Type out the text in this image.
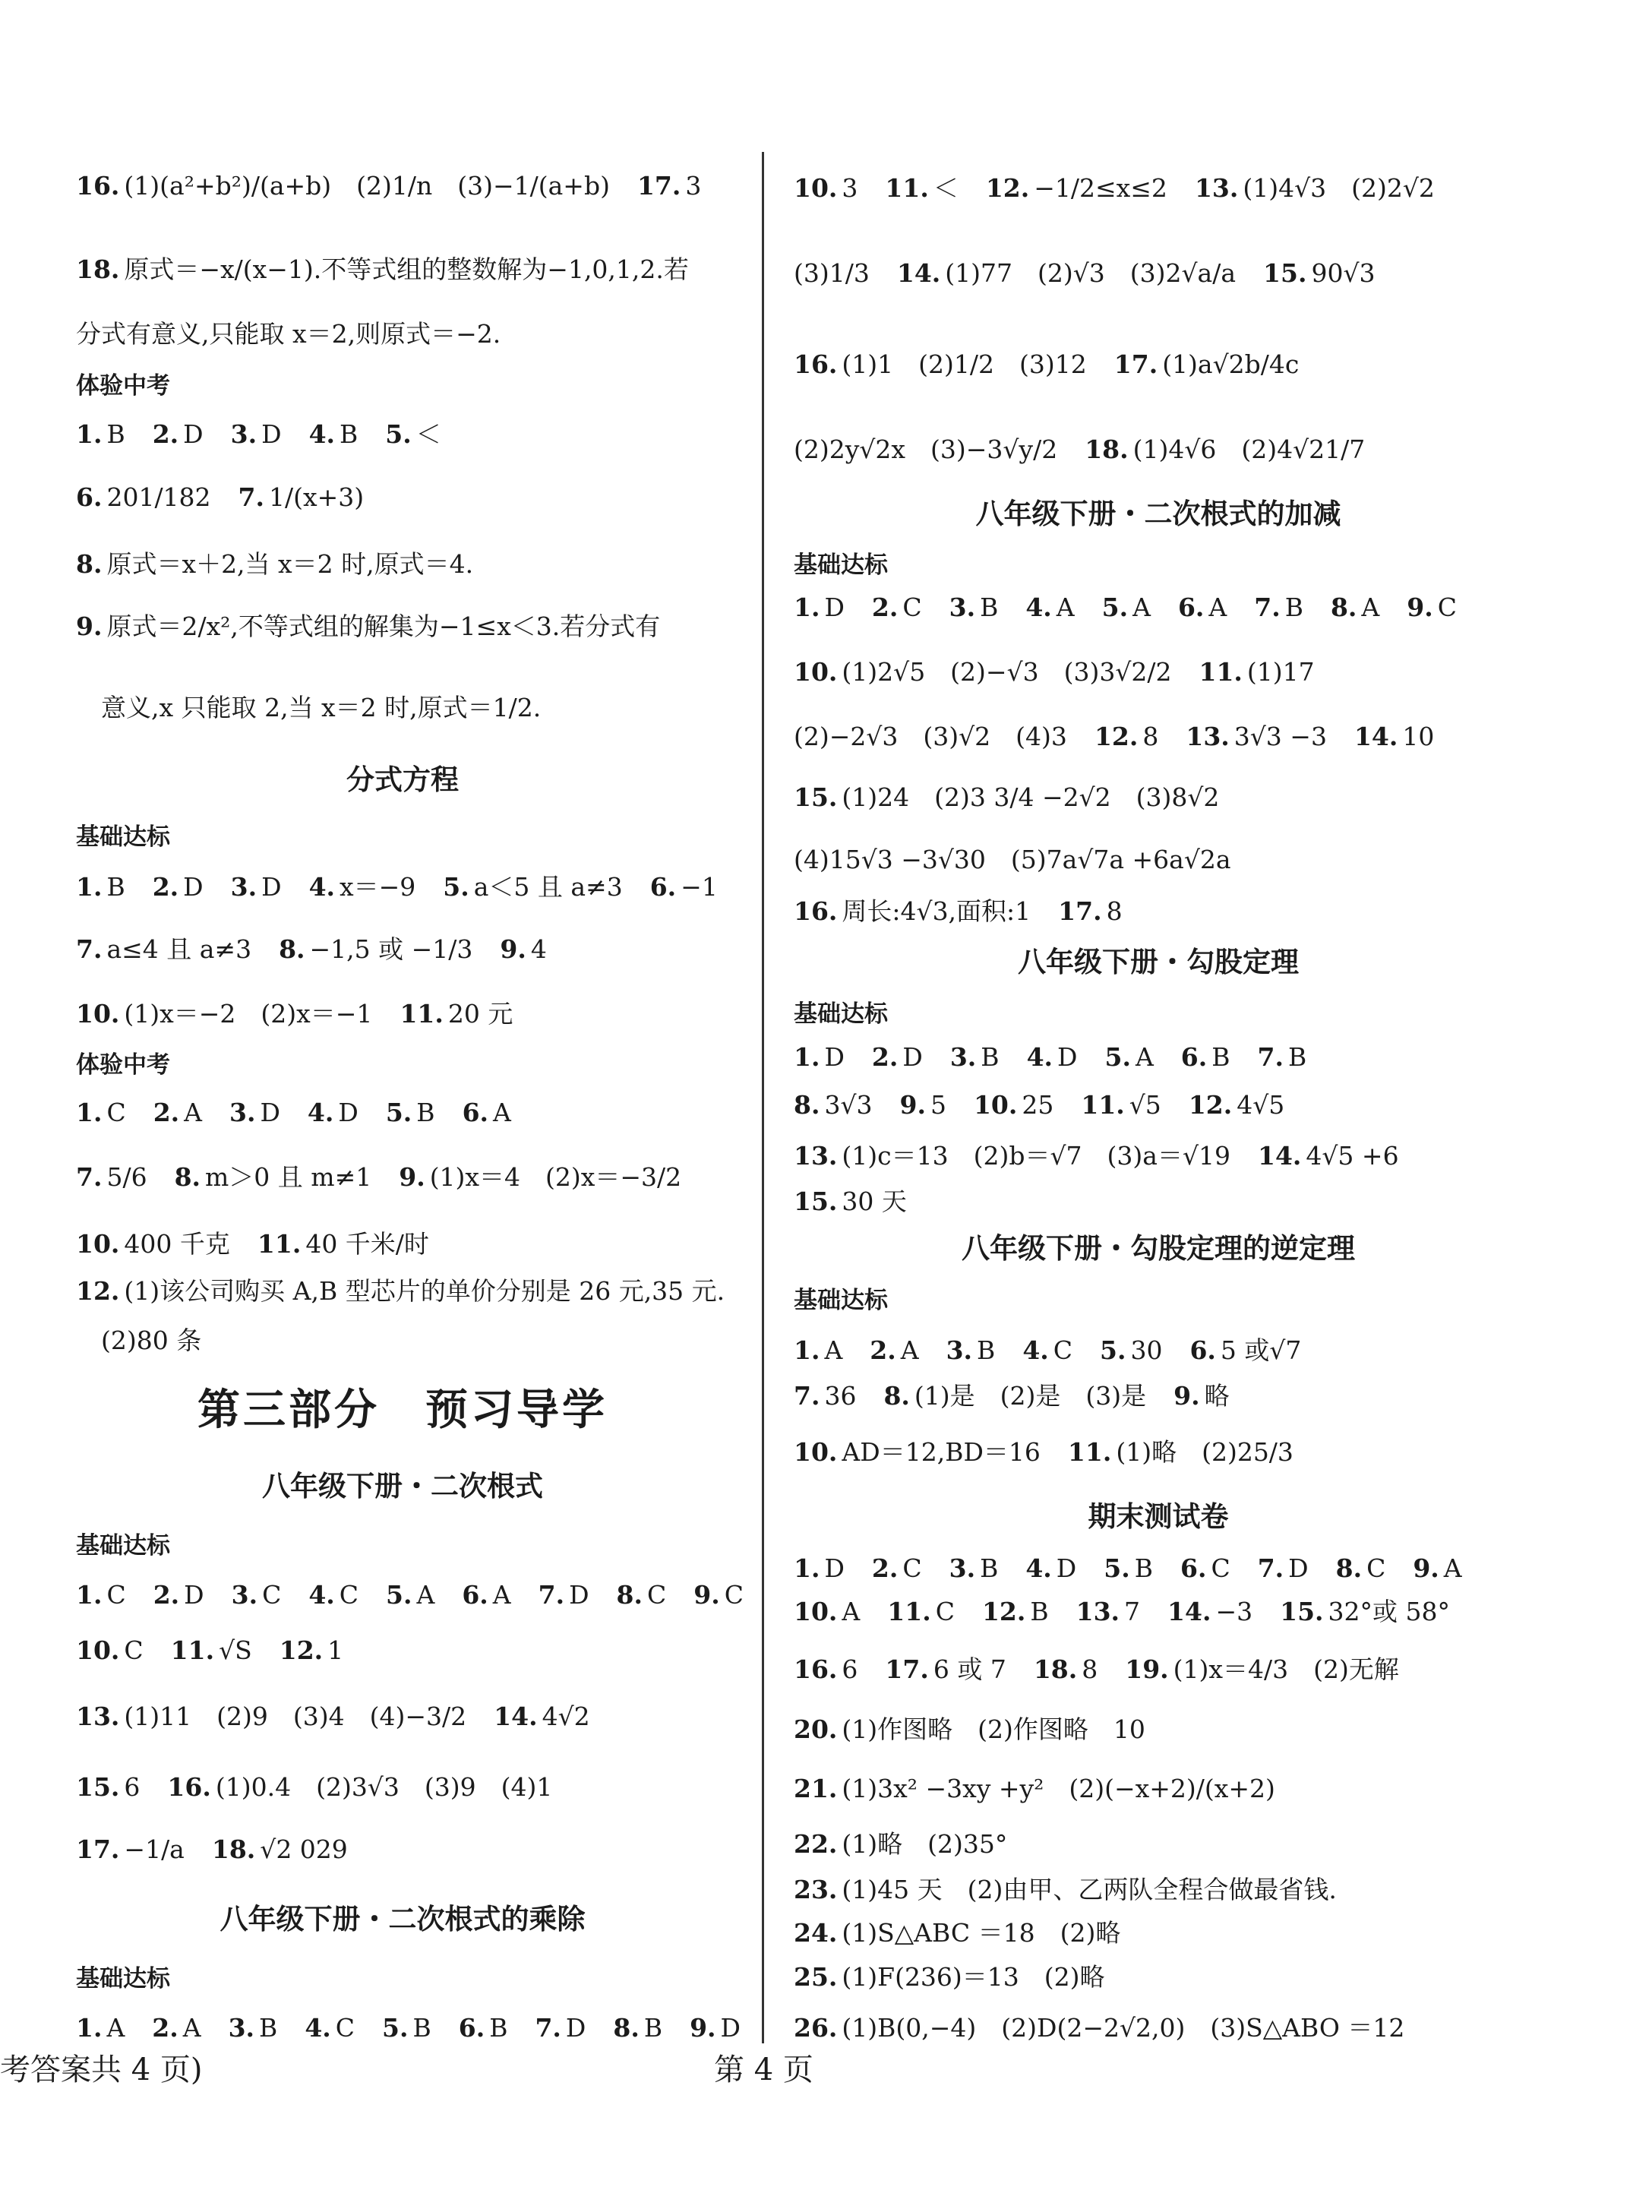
16. (1)(a²+b²)/(a+b)　(2)1/n　(3)−1/(a+b) 17. 3
18. 原式＝−x/(x−1).不等式组的整数解为−1,0,1,2.若
分式有意义,只能取 x＝2,则原式＝−2.
体验中考
1. B 2. D 3. D 4. B 5. ＜
6. 201/182 7. 1/(x+3)
8. 原式＝x＋2,当 x＝2 时,原式＝4.
9. 原式＝2/x²,不等式组的解集为−1≤x＜3.若分式有
　意义,x 只能取 2,当 x＝2 时,原式＝1/2.
分式方程
基础达标
1. B 2. D 3. D 4. x＝−9 5. a＜5 且 a≠3 6. −1
7. a≤4 且 a≠3 8. −1,5 或 −1/3 9. 4
10. (1)x＝−2　(2)x＝−1 11. 20 元
体验中考
1. C 2. A 3. D 4. D 5. B 6. A
7. 5/6 8. m＞0 且 m≠1 9. (1)x＝4　(2)x＝−3/2
10. 400 千克 11. 40 千米/时
12. (1)该公司购买 A,B 型芯片的单价分别是 26 元,35 元.
　(2)80 条
第三部分　预习导学
八年级下册・二次根式
基础达标
1. C 2. D 3. C 4. C 5. A 6. A 7. D 8. C 9. C
10. C 11. √S 12. 1
13. (1)11　(2)9　(3)4　(4)−3/2 14. 4√2
15. 6 16. (1)0.4　(2)3√3　(3)9　(4)1
17. −1/a 18. √2 029
八年级下册・二次根式的乘除
基础达标
1. A 2. A 3. B 4. C 5. B 6. B 7. D 8. B 9. D
10. 3 11. ＜ 12. −1/2≤x≤2 13. (1)4√3　(2)2√2
(3)1/3 14. (1)77　(2)√3　(3)2√a/a 15. 90√3
16. (1)1　(2)1/2　(3)12 17. (1)a√2b/4c
(2)2y√2x　(3)−3√y/2 18. (1)4√6　(2)4√21/7
八年级下册・二次根式的加减
基础达标
1. D 2. C 3. B 4. A 5. A 6. A 7. B 8. A 9. C
10. (1)2√5　(2)−√3　(3)3√2/2 11. (1)17
(2)−2√3　(3)√2　(4)3 12. 8 13. 3√3 −3 14. 10
15. (1)24　(2)3 3/4 −2√2　(3)8√2
(4)15√3 −3√30　(5)7a√7a +6a√2a
16. 周长:4√3,面积:1 17. 8
八年级下册・勾股定理
基础达标
1. D 2. D 3. B 4. D 5. A 6. B 7. B
8. 3√3 9. 5 10. 25 11. √5 12. 4√5
13. (1)c＝13　(2)b＝√7　(3)a＝√19 14. 4√5 +6
15. 30 天
八年级下册・勾股定理的逆定理
基础达标
1. A 2. A 3. B 4. C 5. 30 6. 5 或√7
7. 36 8. (1)是　(2)是　(3)是 9. 略
10. AD＝12,BD＝16 11. (1)略　(2)25/3
期末测试卷
1. D 2. C 3. B 4. D 5. B 6. C 7. D 8. C 9. A
10. A 11. C 12. B 13. 7 14. −3 15. 32°或 58°
16. 6 17. 6 或 7 18. 8 19. (1)x＝4/3　(2)无解
20. (1)作图略　(2)作图略　10
21. (1)3x² −3xy +y²　(2)(−x+2)/(x+2)
22. (1)略　(2)35°
23. (1)45 天　(2)由甲、乙两队全程合做最省钱.
24. (1)S△ABC ＝18　(2)略
25. (1)F(236)＝13　(2)略
26. (1)B(0,−4)　(2)D(2−2√2,0)　(3)S△ABO ＝12
考答案共 4 页)	第 4 页
